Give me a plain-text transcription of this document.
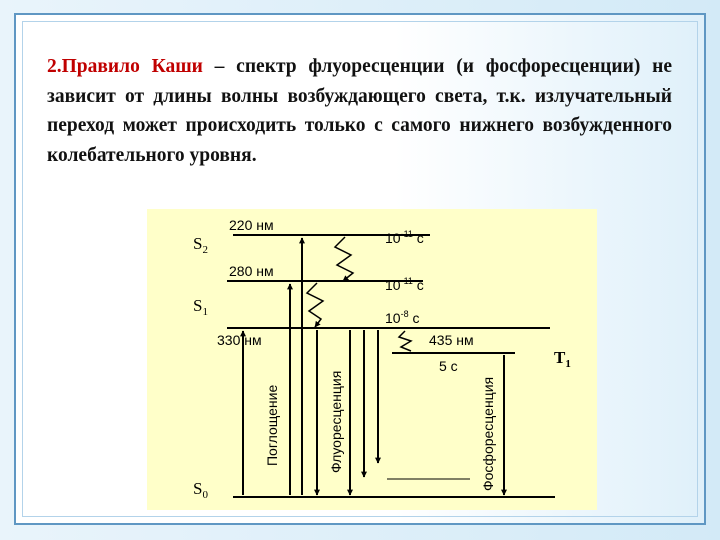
2.Правило Каши – спектр флуоресценции (и фосфоресценции) не зависит от длины волны возбуждающего света, т.к. излучательный переход может происходить только с самого нижнего возбужденного колебательного уровня.
$S_2$
$S_1$
$S_0$
$T_1$
220 нм
280 нм
330 нм	435 нм
$10^{-11}$ с
$10^{-11}$ с
$10^{-8}$ с
5 с
Поглощение	Флуоресценция	Фосфоресценция
